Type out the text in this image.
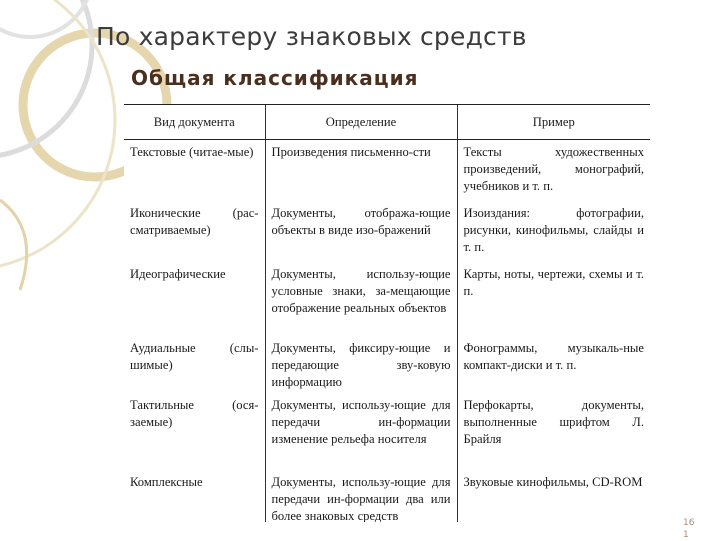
По характеру знаковых средств
Общая классификация
Вид документа	Определение	Пример
Текстовые (читае-мые)	Произведения письменно-сти	Тексты художественных произведений, монографий, учебников и т. п.
Иконические (рас-сматриваемые)	Документы, отобража-ющие объекты в виде изо-бражений	Изоиздания: фотографии, рисунки, кинофильмы, слайды и т. п.
Идеографические	Документы, использу-ющие условные знаки, за-мещающие отображение реальных объектов	Карты, ноты, чертежи, схемы и т. п.
Аудиальные (слы-шимые)	Документы, фиксиру-ющие и передающие зву-ковую информацию	Фонограммы, музыкаль-ные компакт-диски и т. п.
Тактильные (ося-заемые)	Документы, использу-ющие для передачи ин-формации изменение рельефа носителя	Перфокарты, документы, выполненные шрифтом Л. Брайля
Комплексные	Документы, использу-ющие для передачи ин-формации два или более знаковых средств	Звуковые кинофильмы, CD-ROM
16
1
